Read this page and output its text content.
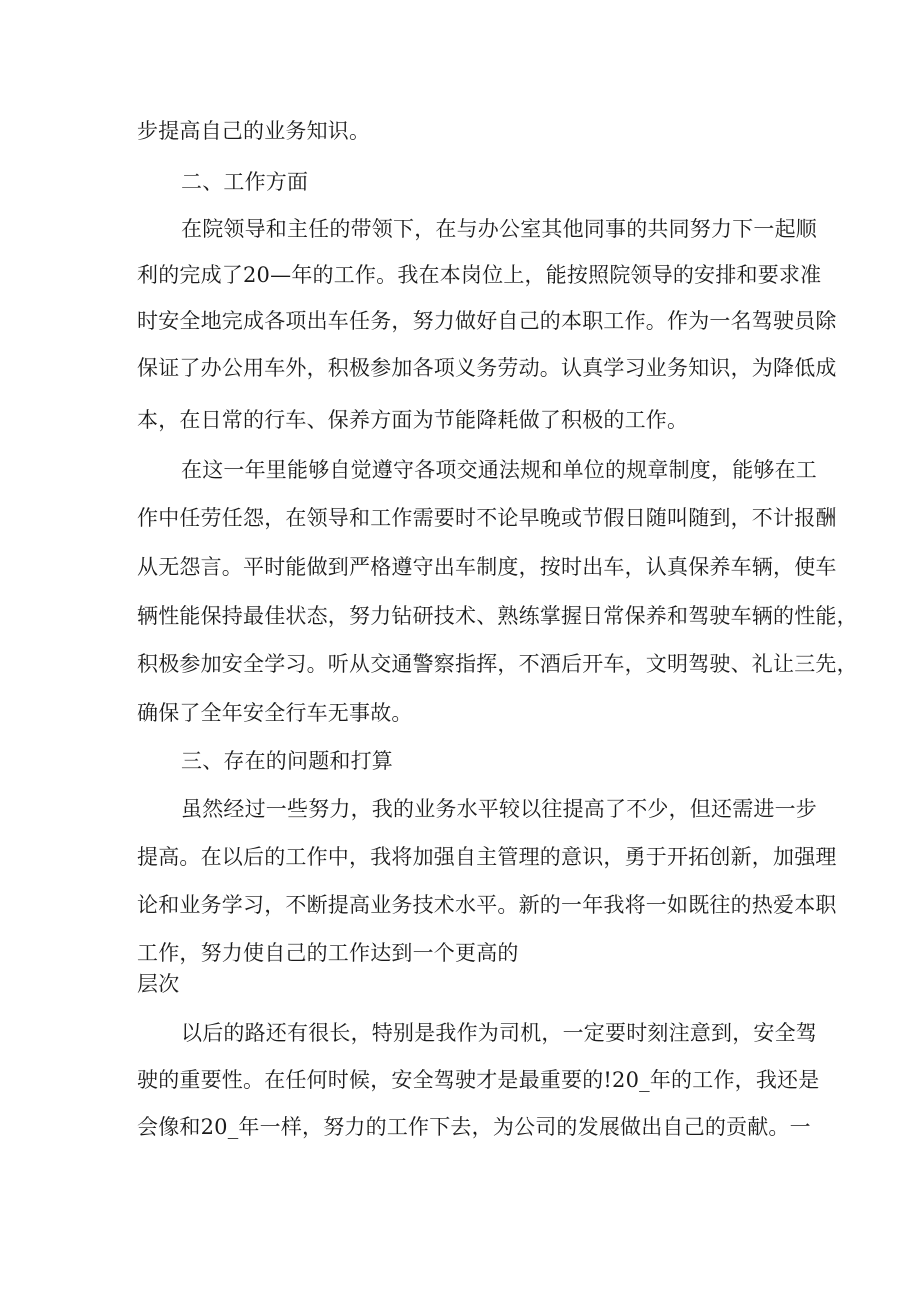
步提高自己的业务知识。
二、工作方面
在院领导和主任的带领下，在与办公室其他同事的共同努力下一起顺
利的完成了20—年的工作。我在本岗位上，能按照院领导的安排和要求准
时安全地完成各项出车任务，努力做好自己的本职工作。作为一名驾驶员除
保证了办公用车外，积极参加各项义务劳动。认真学习业务知识，为降低成
本，在日常的行车、保养方面为节能降耗做了积极的工作。
在这一年里能够自觉遵守各项交通法规和单位的规章制度，能够在工
作中任劳任怨，在领导和工作需要时不论早晚或节假日随叫随到，不计报酬
从无怨言。平时能做到严格遵守出车制度，按时出车，认真保养车辆，使车
辆性能保持最佳状态，努力钻研技术、熟练掌握日常保养和驾驶车辆的性能，
积极参加安全学习。听从交通警察指挥，不酒后开车，文明驾驶、礼让三先，
确保了全年安全行车无事故。
三、存在的问题和打算
虽然经过一些努力，我的业务水平较以往提高了不少，但还需进一步
提高。在以后的工作中，我将加强自主管理的意识，勇于开拓创新，加强理
论和业务学习，不断提高业务技术水平。新的一年我将一如既往的热爱本职
工作，努力使自己的工作达到一个更高的
层次
以后的路还有很长，特别是我作为司机，一定要时刻注意到，安全驾
驶的重要性。在任何时候，安全驾驶才是最重要的!20_年的工作，我还是
会像和20_年一样，努力的工作下去，为公司的发展做出自己的贡献。一
